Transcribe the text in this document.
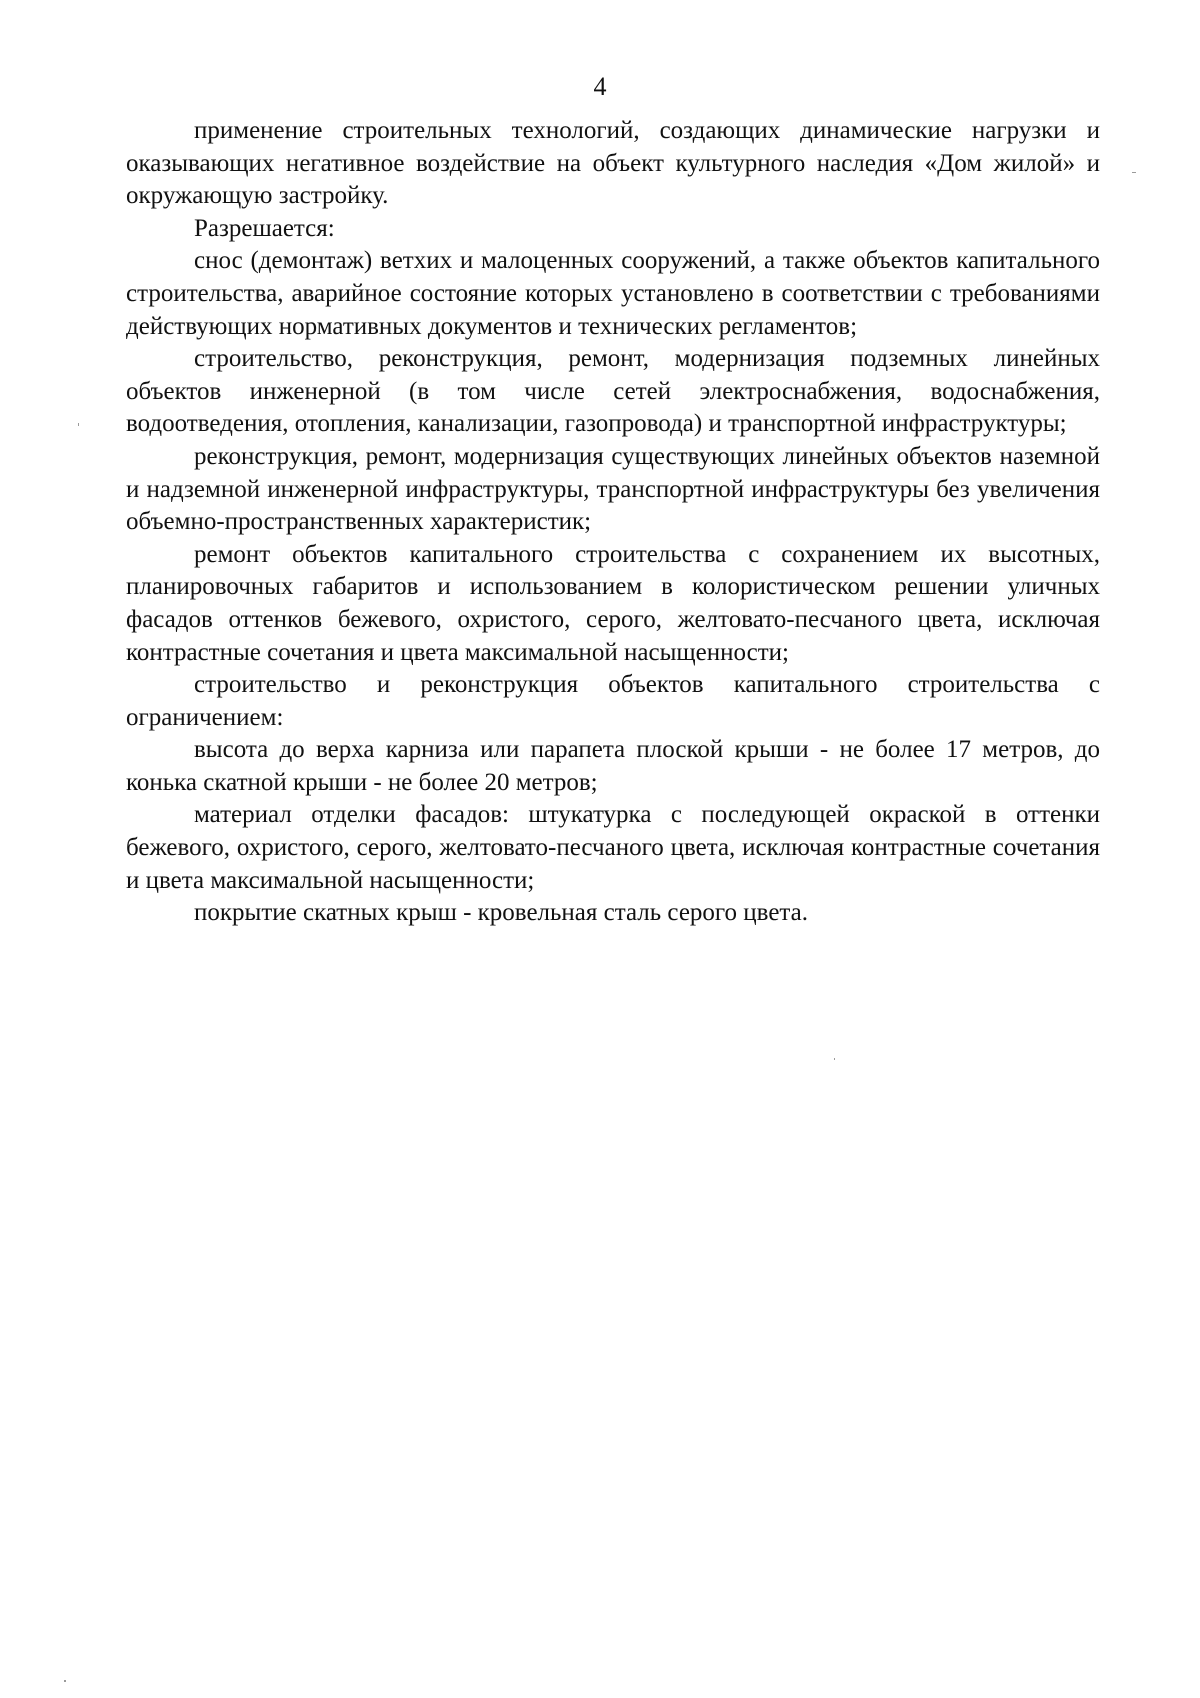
4

применение строительных технологий, создающих динамические нагрузки и оказывающих негативное воздействие на объект культурного наследия «Дом жилой» и окружающую застройку.

Разрешается:

снос (демонтаж) ветхих и малоценных сооружений, а также объектов капитального строительства, аварийное состояние которых установлено в соответствии с требованиями действующих нормативных документов и технических регламентов;

строительство, реконструкция, ремонт, модернизация подземных линейных объектов инженерной (в том числе сетей электроснабжения, водоснабжения, водоотведения, отопления, канализации, газопровода) и транспортной инфраструктуры;

реконструкция, ремонт, модернизация существующих линейных объектов наземной и надземной инженерной инфраструктуры, транспортной инфраструктуры без увеличения объемно-пространственных характеристик;

ремонт объектов капитального строительства с сохранением их высотных, планировочных габаритов и использованием в колористическом решении уличных фасадов оттенков бежевого, охристого, серого, желтовато-песчаного цвета, исключая контрастные сочетания и цвета максимальной насыщенности;

строительство и реконструкция объектов капитального строительства с ограничением:

высота до верха карниза или парапета плоской крыши - не более 17 метров, до конька скатной крыши - не более 20 метров;

материал отделки фасадов: штукатурка с последующей окраской в оттенки бежевого, охристого, серого, желтовато-песчаного цвета, исключая контрастные сочетания и цвета максимальной насыщенности;

покрытие скатных крыш - кровельная сталь серого цвета.
